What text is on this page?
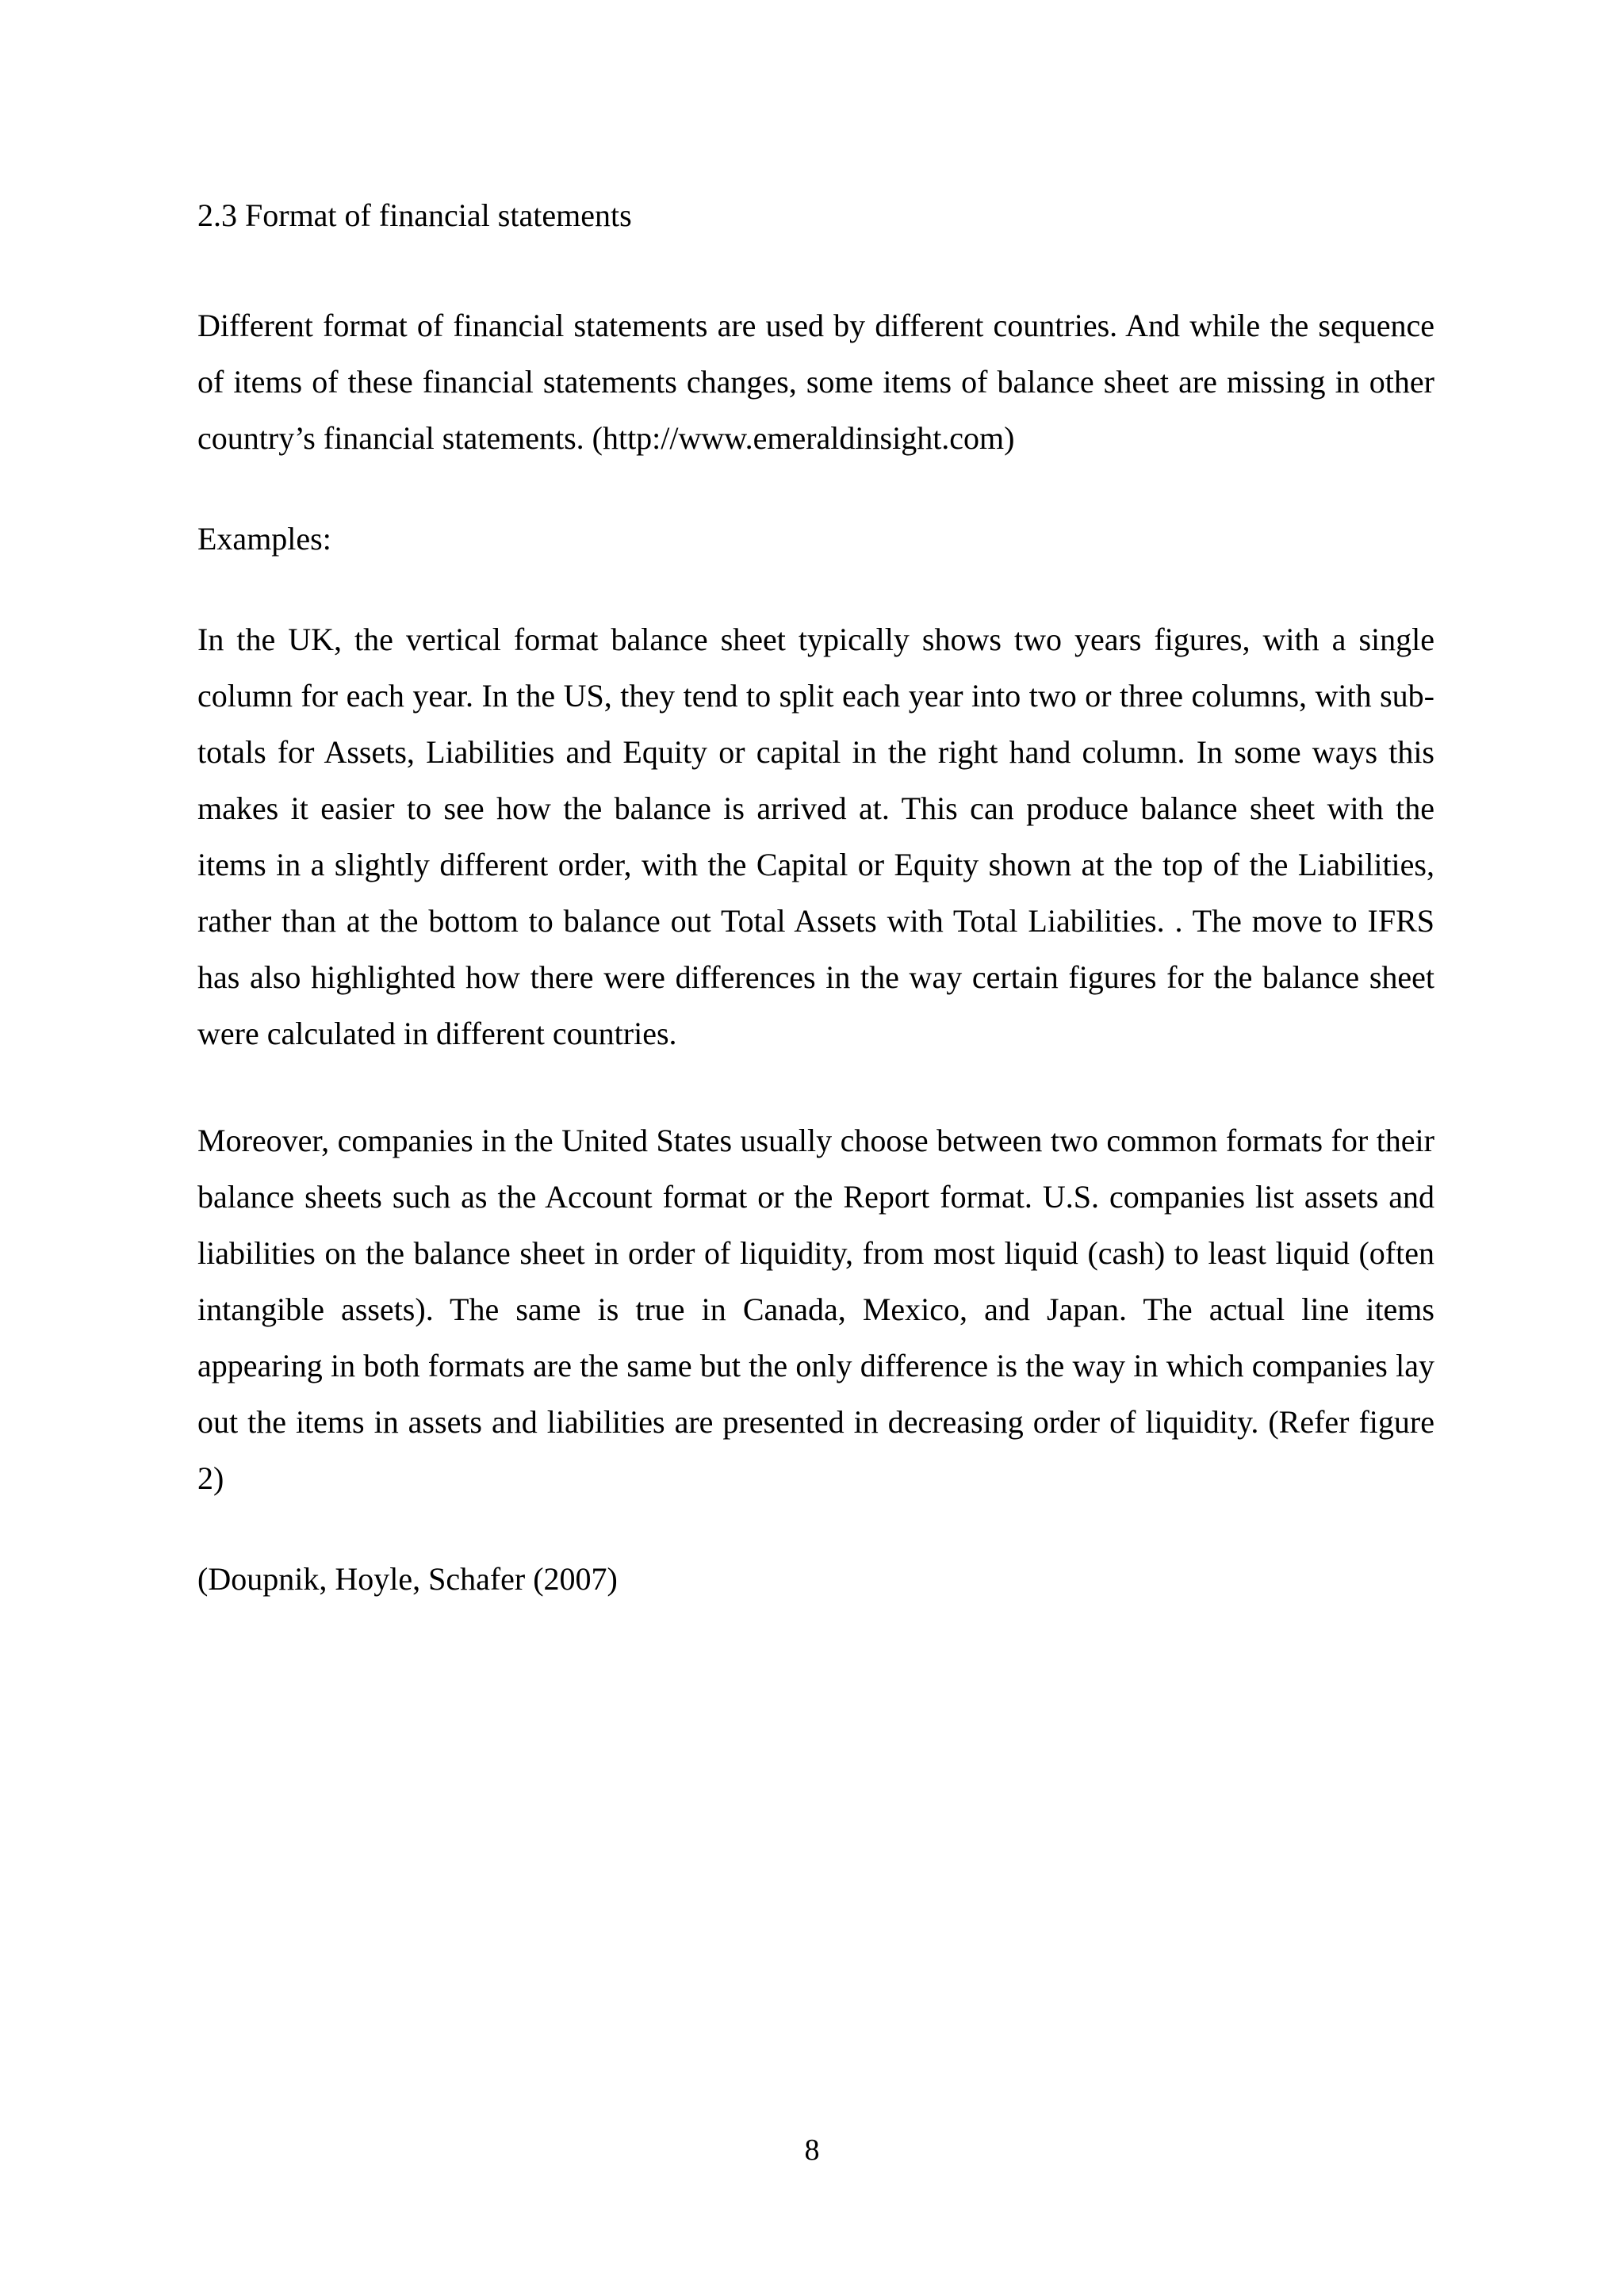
2.3 Format of financial statements

Different format of financial statements are used by different countries. And while the sequence of items of these financial statements changes, some items of balance sheet are missing in other country’s financial statements. (http://www.emeraldinsight.com)

Examples:

In the UK, the vertical format balance sheet typically shows two years figures, with a single column for each year. In the US, they tend to split each year into two or three columns, with sub-totals for Assets, Liabilities and Equity or capital in the right hand column. In some ways this makes it easier to see how the balance is arrived at. This can produce balance sheet with the items in a slightly different order, with the Capital or Equity shown at the top of the Liabilities, rather than at the bottom to balance out Total Assets with Total Liabilities. . The move to IFRS has also highlighted how there were differences in the way certain figures for the balance sheet were calculated in different countries.

Moreover, companies in the United States usually choose between two common formats for their balance sheets such as the Account format or the Report format. U.S. companies list assets and liabilities on the balance sheet in order of liquidity, from most liquid (cash) to least liquid (often intangible assets). The same is true in Canada, Mexico, and Japan. The actual line items appearing in both formats are the same but the only difference is the way in which companies lay out the items in assets and liabilities are presented in decreasing order of liquidity. (Refer figure 2)

(Doupnik, Hoyle, Schafer (2007)

8
